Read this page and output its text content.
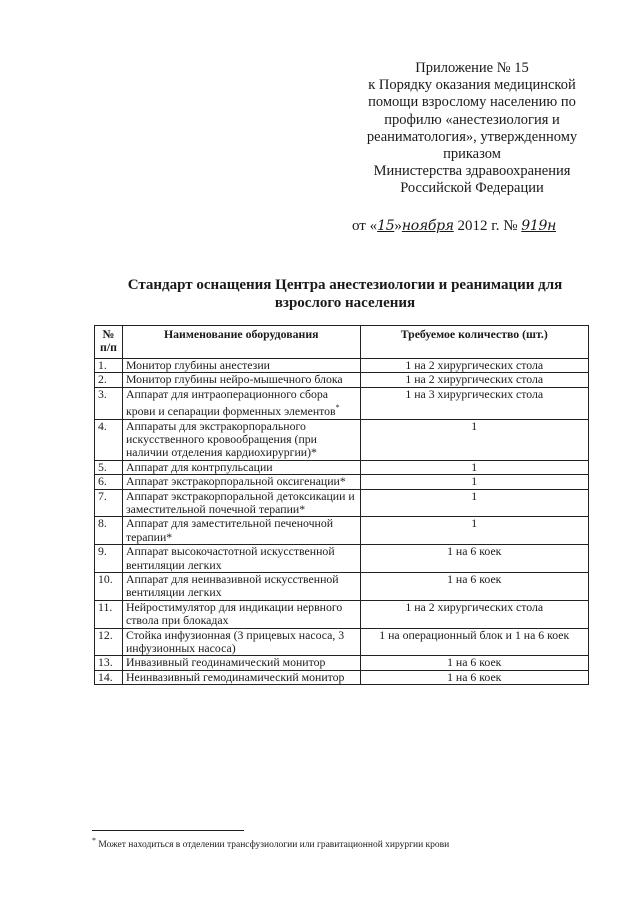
Приложение № 15
к Порядку оказания медицинской
помощи взрослому населению по
профилю «анестезиология и
реаниматология», утвержденному
приказом
Министерства здравоохранения
Российской Федерации
от «15»ноября 2012 г. № 919н
Стандарт оснащения Центра анестезиологии и реанимации для
взрослого населения
№ п/п	Наименование оборудования	Требуемое количество (шт.)
1.	Монитор глубины анестезии	1 на 2 хирургических стола
2.	Монитор глубины нейро-мышечного блока	1 на 2 хирургических стола
3.	Аппарат для интраоперационного сбора крови и сепарации форменных элементов*	1 на 3 хирургических стола
4.	Аппараты для экстракорпорального искусственного кровообращения (при наличии отделения кардиохирургии)*	1
5.	Аппарат для контрпульсации	1
6.	Аппарат экстракорпоральной оксигенации*	1
7.	Аппарат экстракорпоральной детоксикации и заместительной почечной терапии*	1
8.	Аппарат для заместительной печеночной терапии*	1
9.	Аппарат высокочастотной искусственной вентиляции легких	1 на 6 коек
10.	Аппарат для неинвазивной искусственной вентиляции легких	1 на 6 коек
11.	Нейростимулятор для индикации нервного ствола при блокадах	1 на 2 хирургических стола
12.	Стойка инфузионная (3 прицевых насоса, 3 инфузионных насоса)	1 на операционный блок и 1 на 6 коек
13.	Инвазивный геодинамический монитор	1 на 6 коек
14.	Неинвазивный гемодинамический монитор	1 на 6 коек
* Может находиться в отделении трансфузиологии или гравитационной хирургии крови
